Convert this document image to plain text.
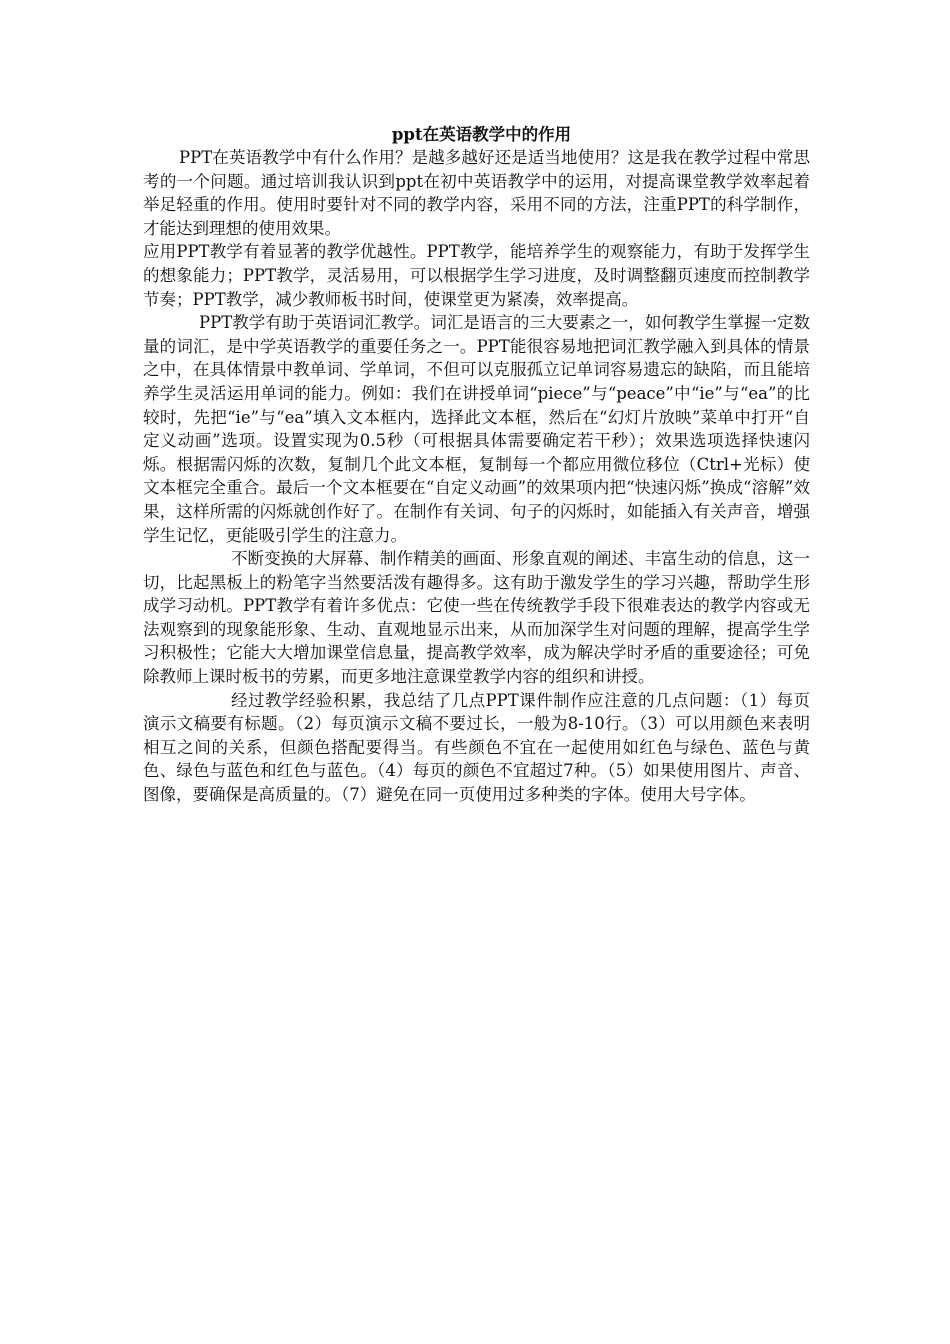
ppt在英语教学中的作用

PPT在英语教学中有什么作用？是越多越好还是适当地使用？这是我在教学过程中常思考的一个问题。通过培训我认识到ppt在初中英语教学中的运用，对提高课堂教学效率起着举足轻重的作用。使用时要针对不同的教学内容，采用不同的方法，注重PPT的科学制作，才能达到理想的使用效果。

应用PPT教学有着显著的教学优越性。PPT教学，能培养学生的观察能力，有助于发挥学生的想象能力；PPT教学，灵活易用，可以根据学生学习进度，及时调整翻页速度而控制教学节奏；PPT教学，减少教师板书时间，使课堂更为紧凑，效率提高。

PPT教学有助于英语词汇教学。词汇是语言的三大要素之一，如何教学生掌握一定数量的词汇，是中学英语教学的重要任务之一。PPT能很容易地把词汇教学融入到具体的情景之中，在具体情景中教单词、学单词，不但可以克服孤立记单词容易遗忘的缺陷，而且能培养学生灵活运用单词的能力。例如：我们在讲授单词“piece”与“peace”中“ie”与“ea”的比较时，先把“ie”与“ea”填入文本框内，选择此文本框，然后在“幻灯片放映”菜单中打开“自定义动画”选项。设置实现为0.5秒（可根据具体需要确定若干秒）；效果选项选择快速闪烁。根据需闪烁的次数，复制几个此文本框，复制每一个都应用微位移位（Ctrl+光标）使文本框完全重合。最后一个文本框要在“自定义动画”的效果项内把“快速闪烁”换成“溶解”效果，这样所需的闪烁就创作好了。在制作有关词、句子的闪烁时，如能插入有关声音，增强学生记忆，更能吸引学生的注意力。

不断变换的大屏幕、制作精美的画面、形象直观的阐述、丰富生动的信息，这一切，比起黑板上的粉笔字当然要活泼有趣得多。这有助于激发学生的学习兴趣，帮助学生形成学习动机。PPT教学有着许多优点：它使一些在传统教学手段下很难表达的教学内容或无法观察到的现象能形象、生动、直观地显示出来，从而加深学生对问题的理解，提高学生学习积极性；它能大大增加课堂信息量，提高教学效率，成为解决学时矛盾的重要途径；可免除教师上课时板书的劳累，而更多地注意课堂教学内容的组织和讲授。

经过教学经验积累，我总结了几点PPT课件制作应注意的几点问题：（1）每页演示文稿要有标题。（2）每页演示文稿不要过长，一般为8-10行。（3）可以用颜色来表明相互之间的关系，但颜色搭配要得当。有些颜色不宜在一起使用如红色与绿色、蓝色与黄色、绿色与蓝色和红色与蓝色。（4）每页的颜色不宜超过7种。（5）如果使用图片、声音、图像，要确保是高质量的。（7）避免在同一页使用过多种类的字体。使用大号字体。
